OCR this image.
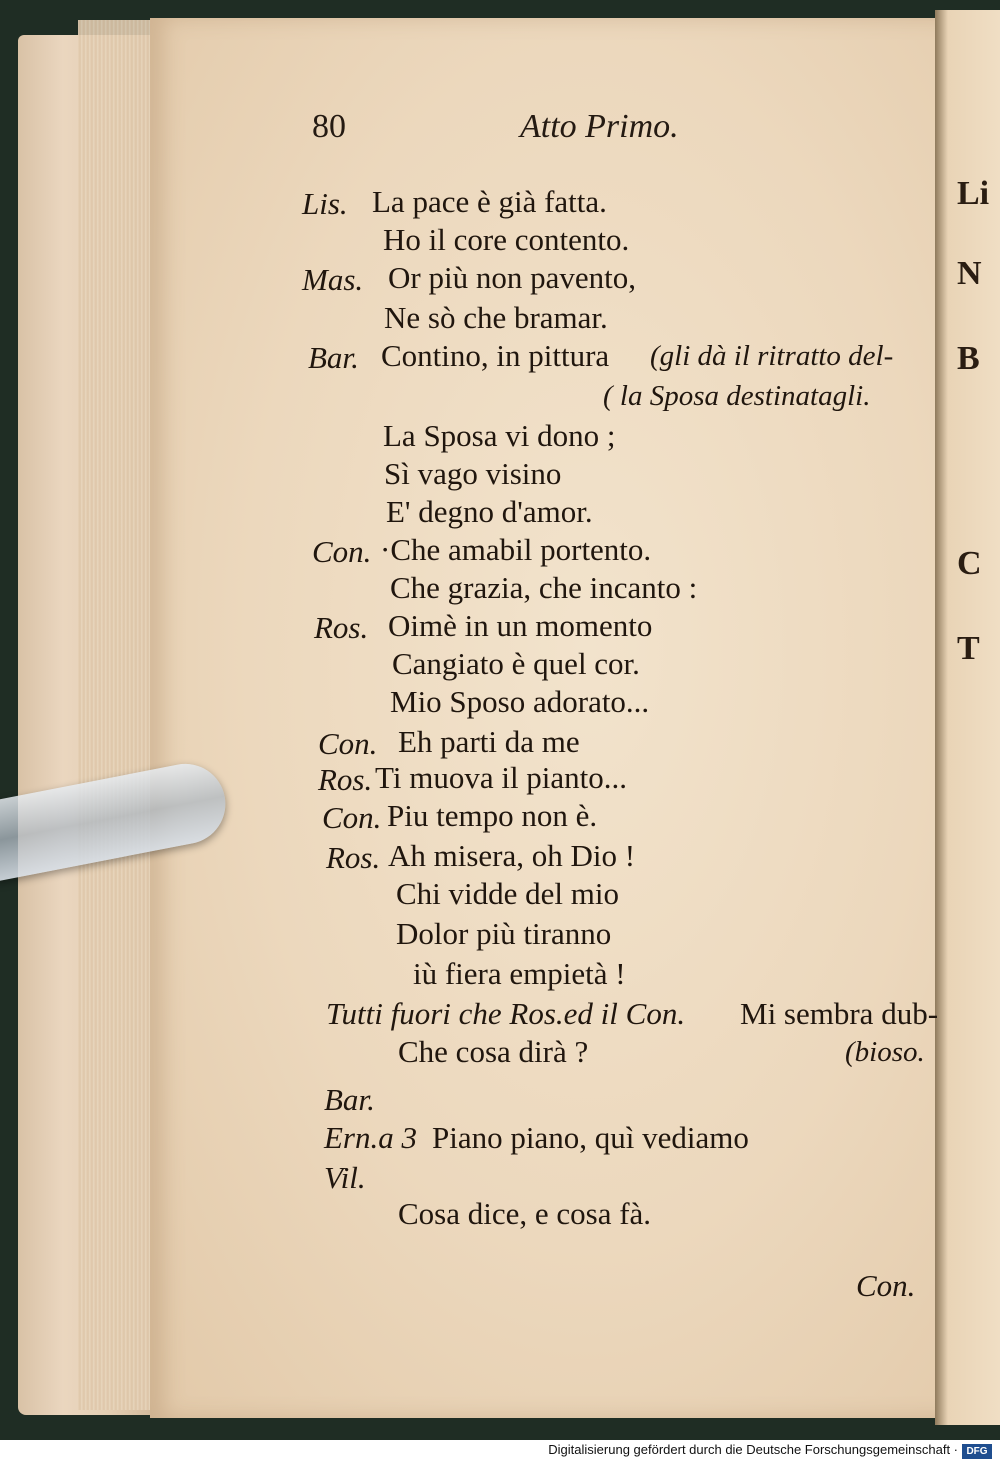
Li
N
B
C
T
80	Atto Primo.
Lis. La pace è già fatta.
Ho il core contento.
Mas. Or più non pavento,
Ne sò che bramar.
Bar. Contino, in pittura (gli dà il ritratto del-
( la Sposa destinatagli.
La Sposa vi dono ;
Sì vago visino
E' degno d'amor.
Con. ·Che amabil portento.
Che grazia, che incanto :
Ros. Oimè in un momento
Cangiato è quel cor.
Mio Sposo adorato...
Con. Eh parti da me
Ros. Ti muova il pianto...
Con. Piu tempo non è.
Ros. Ah misera, oh Dio !
Chi vidde del mio
Dolor più tiranno
iù fiera empietà !
Tutti fuori che Ros.ed il Con. Mi sembra dub-
Che cosa dirà ?	(bioso.
Bar.
Ern.a 3 Piano piano, quì vediamo
Vil.
Cosa dice, e cosa fà.
Con.
Digitalisierung gefördert durch die Deutsche Forschungsgemeinschaft · DFG
